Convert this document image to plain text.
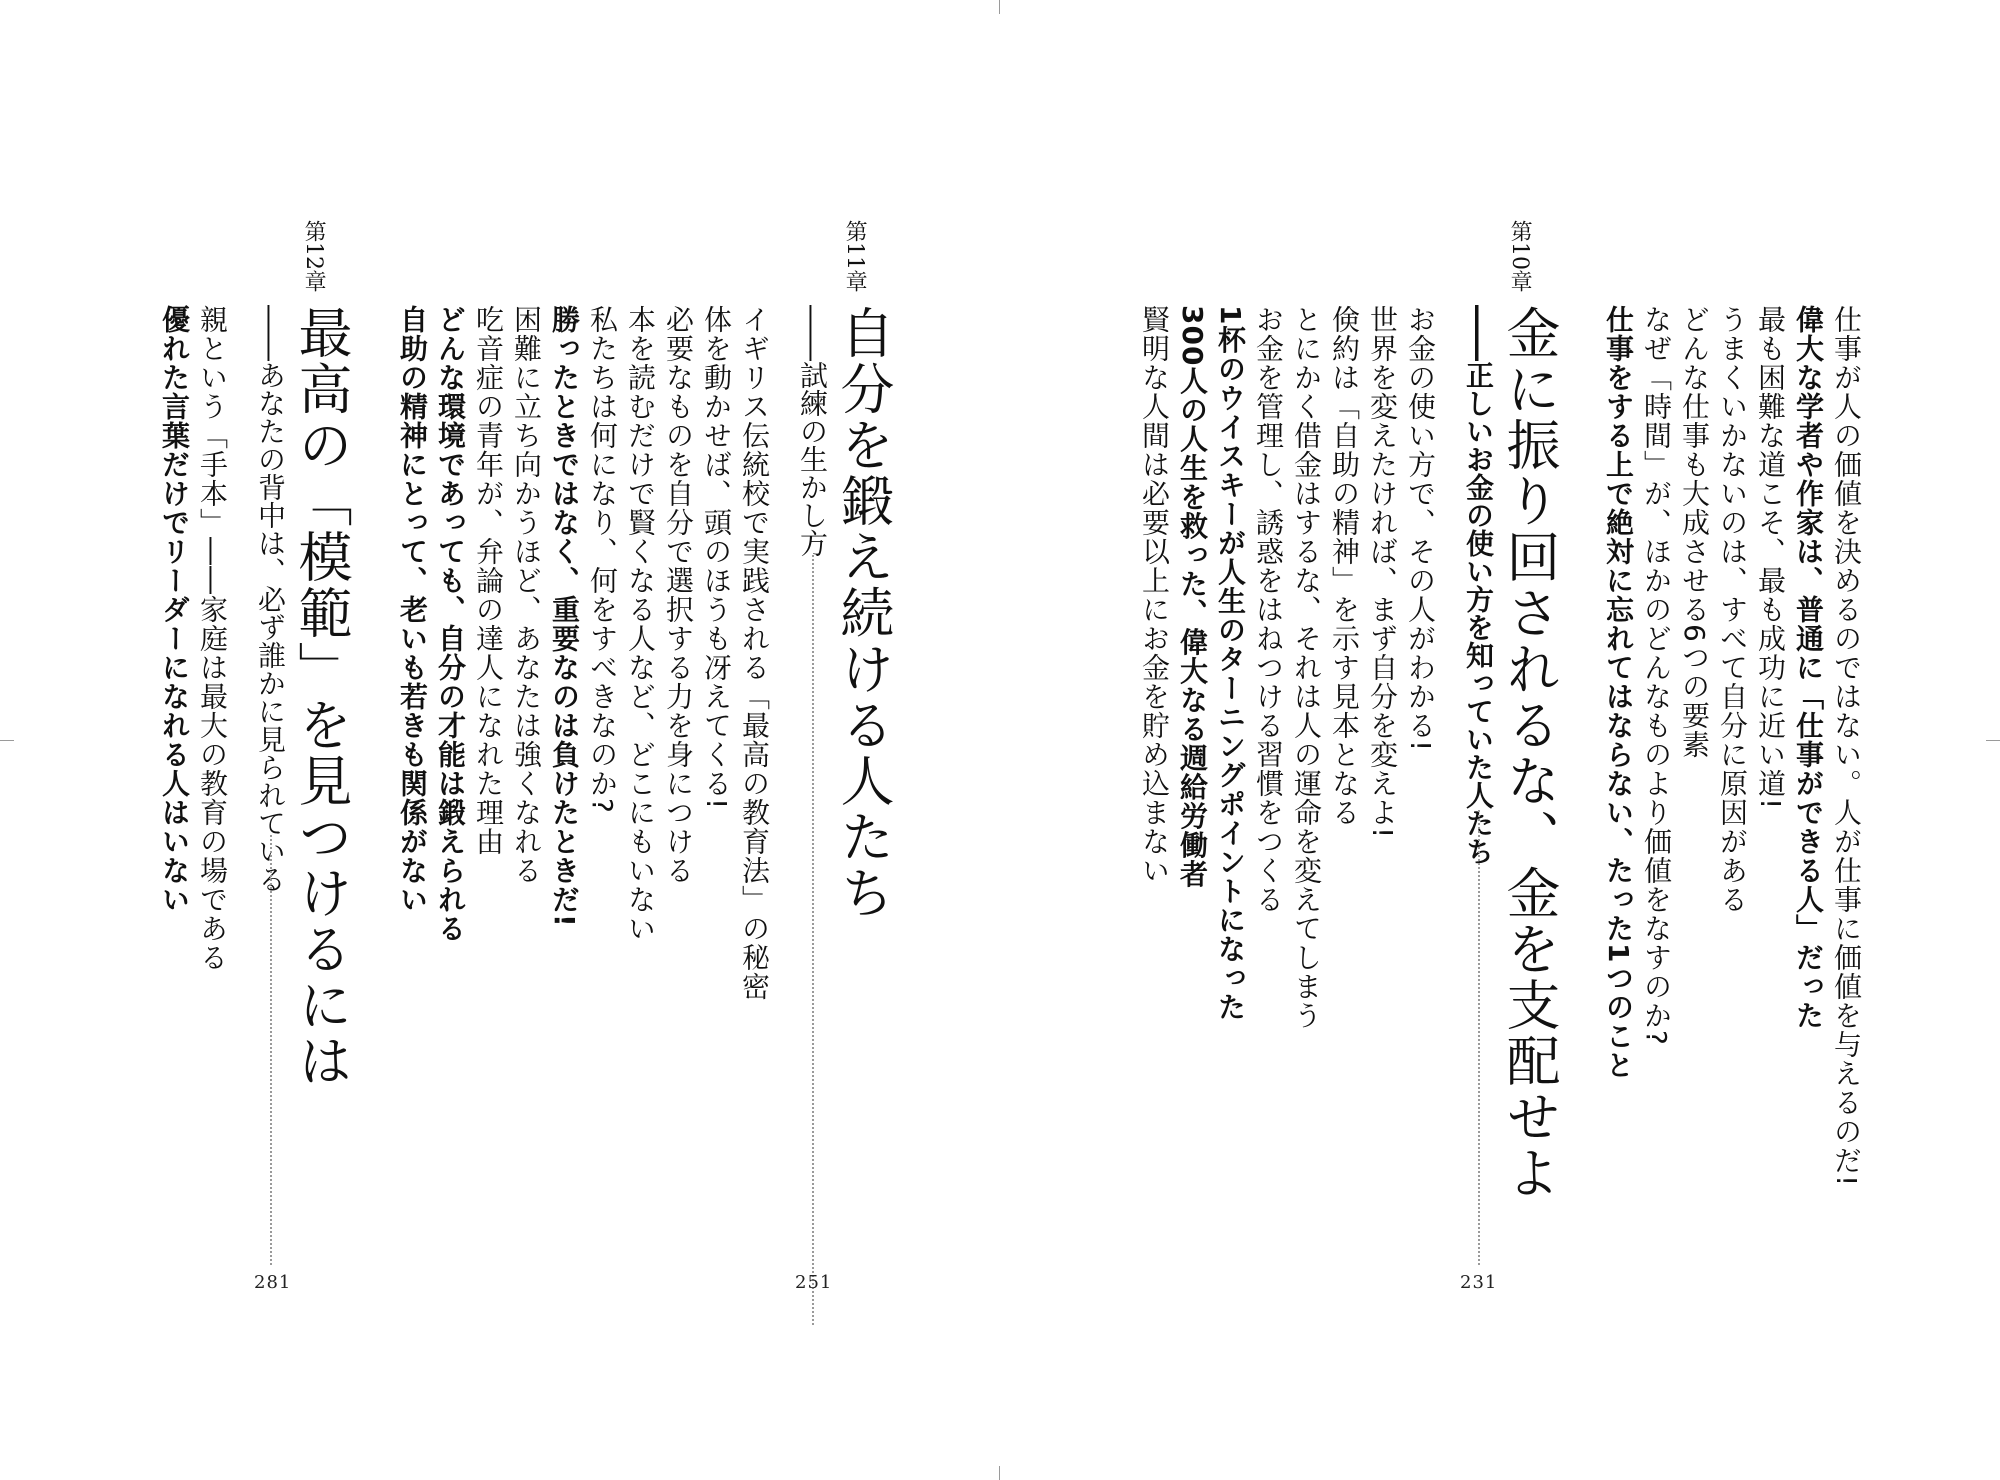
仕事が人の価値を決めるのではない。人が仕事に価値を与えるのだ!
偉大な学者や作家は、普通に「仕事ができる人」だった
最も困難な道こそ、最も成功に近い道!
うまくいかないのは、すべて自分に原因がある
どんな仕事も大成させる6つの要素
なぜ「時間」が、ほかのどんなものより価値をなすのか?
仕事をする上で絶対に忘れてはならない、たった1つのこと
第10章
金に振り回されるな、金を支配せよ
――正しいお金の使い方を知っていた人たち
231
お金の使い方で、その人がわかる!
世界を変えたければ、まず自分を変えよ!
倹約は「自助の精神」を示す見本となる
とにかく借金はするな、それは人の運命を変えてしまう
お金を管理し、誘惑をはねつける習慣をつくる
1杯のウイスキーが人生のターニングポイントになった
300人の人生を救った、偉大なる週給労働者
賢明な人間は必要以上にお金を貯め込まない
第11章
自分を鍛え続ける人たち
――試練の生かし方
251
イギリス伝統校で実践される「最高の教育法」の秘密
体を動かせば、頭のほうも冴えてくる!
必要なものを自分で選択する力を身につける
本を読むだけで賢くなる人など、どこにもいない
私たちは何になり、何をすべきなのか?
勝ったときではなく、重要なのは負けたときだ!
困難に立ち向かうほど、あなたは強くなれる
吃音症の青年が、弁論の達人になれた理由
どんな環境であっても、自分の才能は鍛えられる
自助の精神にとって、老いも若きも関係がない
第12章
最高の「模範」を見つけるには
――あなたの背中は、必ず誰かに見られている
281
親という「手本」――家庭は最大の教育の場である
優れた言葉だけでリーダーになれる人はいない
